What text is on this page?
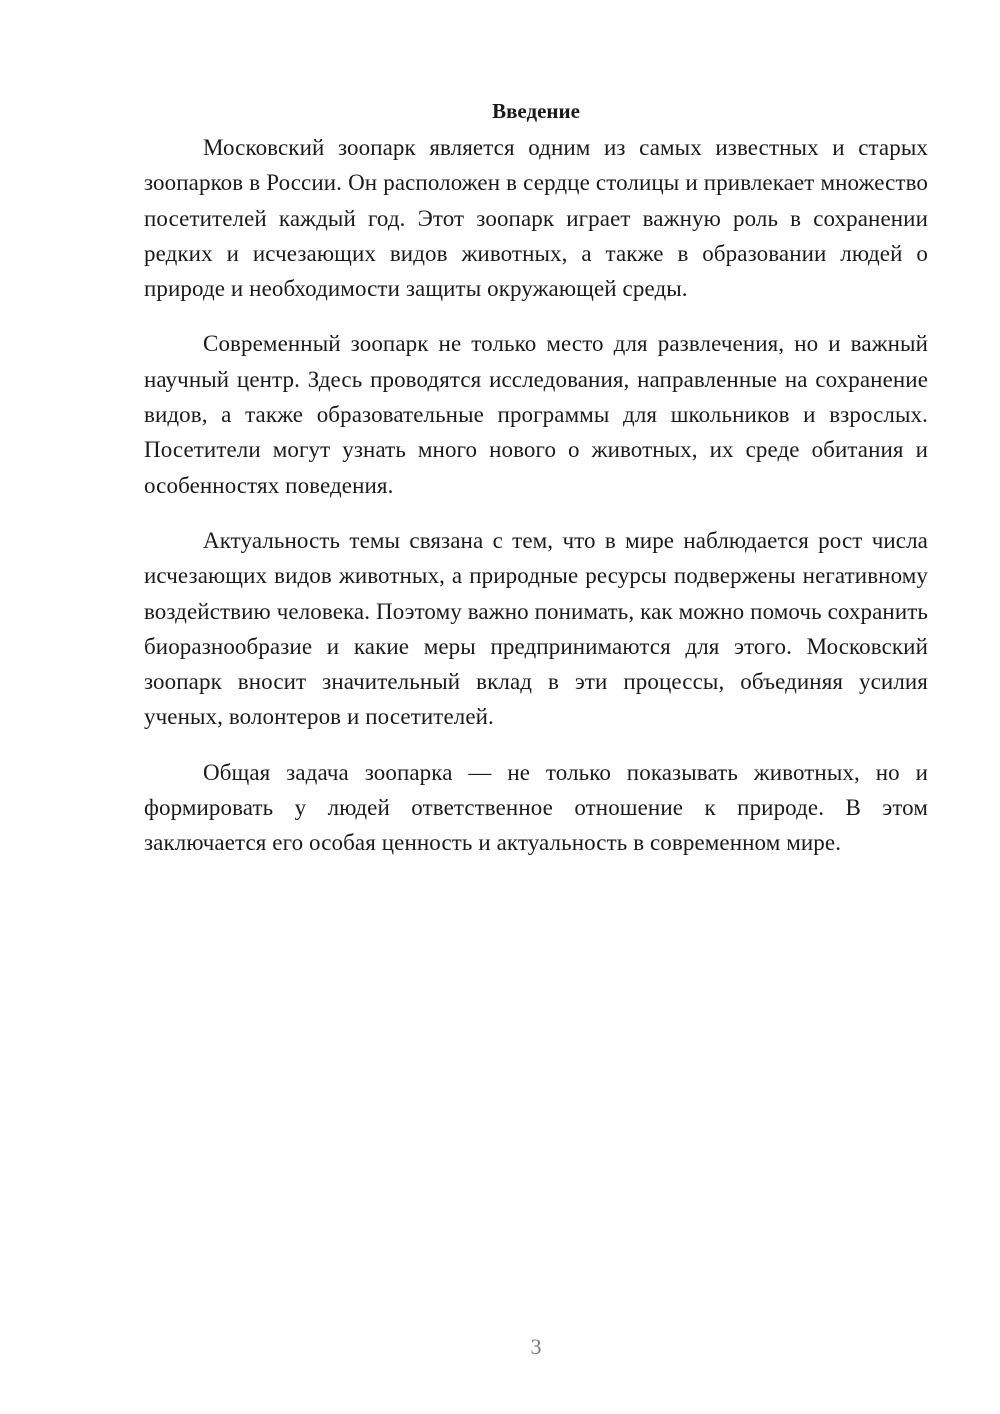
Введение

Московский зоопарк является одним из самых известных и старых зоопарков в России. Он расположен в сердце столицы и привлекает множество посетителей каждый год. Этот зоопарк играет важную роль в сохранении редких и исчезающих видов животных, а также в образовании людей о природе и необходимости защиты окружающей среды.

Современный зоопарк не только место для развлечения, но и важный научный центр. Здесь проводятся исследования, направленные на сохранение видов, а также образовательные программы для школьников и взрослых. Посетители могут узнать много нового о животных, их среде обитания и особенностях поведения.

Актуальность темы связана с тем, что в мире наблюдается рост числа исчезающих видов животных, а природные ресурсы подвержены негативному воздействию человека. Поэтому важно понимать, как можно помочь сохранить биоразнообразие и какие меры предпринимаются для этого. Московский зоопарк вносит значительный вклад в эти процессы, объединяя усилия ученых, волонтеров и посетителей.

Общая задача зоопарка — не только показывать животных, но и формировать у людей ответственное отношение к природе. В этом заключается его особая ценность и актуальность в современном мире.

3
